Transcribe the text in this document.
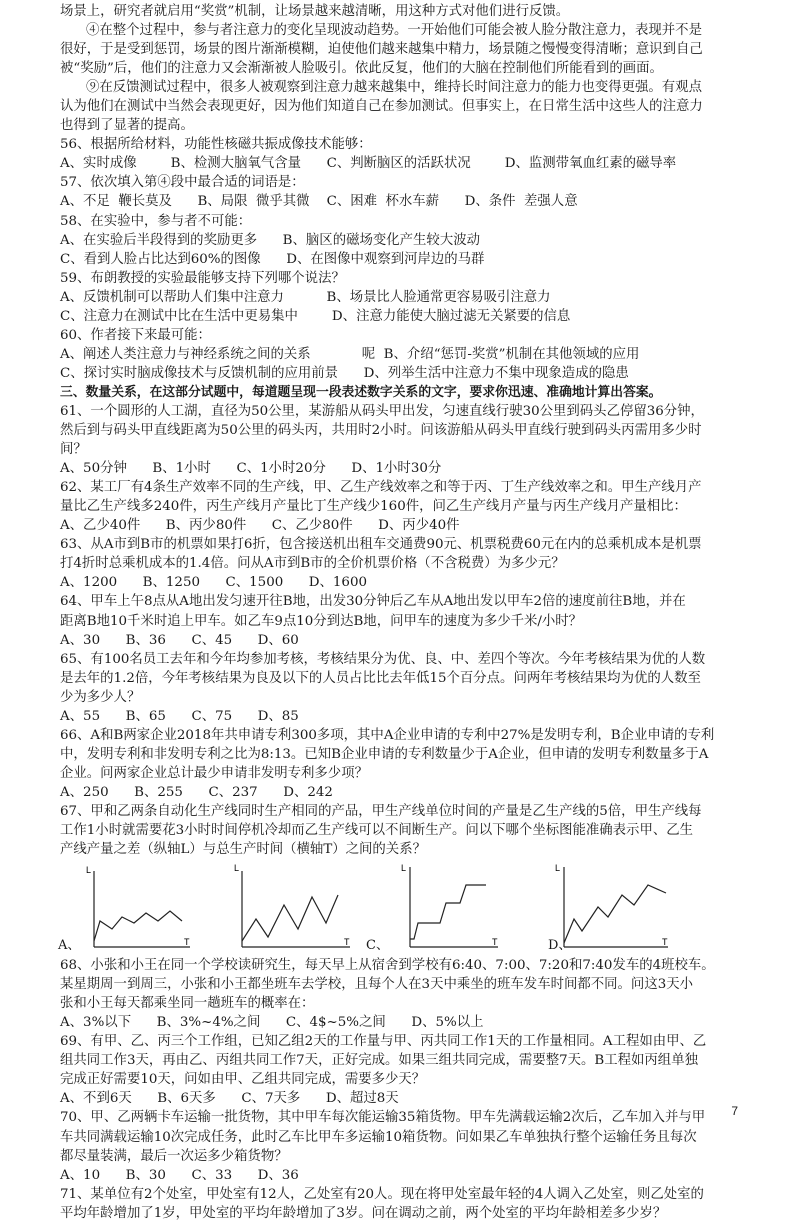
场景上，研究者就启用“奖赏”机制，让场景越来越清晰，用这种方式对他们进行反馈。
④在整个过程中，参与者注意力的变化呈现波动趋势。一开始他们可能会被人脸分散注意力，表现并不是
很好，于是受到惩罚，场景的图片渐渐模糊，迫使他们越来越集中精力，场景随之慢慢变得清晰；意识到自己
被“奖励”后，他们的注意力又会渐渐被人脸吸引。依此反复，他们的大脑在控制他们所能看到的画面。
⑨在反馈测试过程中，很多人被观察到注意力越来越集中，维持长时间注意力的能力也变得更强。有观点
认为他们在测试中当然会表现更好，因为他们知道自己在参加测试。但事实上，在日常生活中这些人的注意力
也得到了显著的提高。
56、根据所给材料，功能性核磁共振成像技术能够：
A、实时成像        B、检测大脑氧气含量      C、判断脑区的活跃状况        D、监测带氧血红素的磁导率
57、依次填入第④段中最合适的词语是：
A、不足  鞭长莫及      B、局限  微乎其微    C、困难  杯水车薪      D、条件  差强人意
58、在实验中，参与者不可能：
A、在实验后半段得到的奖励更多      B、脑区的磁场变化产生较大波动
C、看到人脸占比达到60%的图像      D、在图像中观察到河岸边的马群
59、布朗教授的实验最能够支持下列哪个说法？
A、反馈机制可以帮助人们集中注意力          B、场景比人脸通常更容易吸引注意力
C、注意力在测试中比在生活中更易集中        D、注意力能使大脑过滤无关紧要的信息
60、作者接下来最可能：
A、阐述人类注意力与神经系统之间的关系            呢  B、介绍“惩罚-奖赏”机制在其他领域的应用
C、探讨实时脑成像技术与反馈机制的应用前景      D、列举生活中注意力不集中现象造成的隐患
三、数量关系，在这部分试题中，每道题呈现一段表述数字关系的文字，要求你迅速、准确地计算出答案。
61、一个圆形的人工湖，直径为50公里，某游船从码头甲出发，匀速直线行驶30公里到码头乙停留36分钟，
然后到与码头甲直线距离为50公里的码头丙，共用时2小时。问该游船从码头甲直线行驶到码头丙需用多少时
间？
A、50分钟      B、1小时      C、1小时20分      D、1小时30分
62、某工厂有4条生产效率不同的生产线，甲、乙生产线效率之和等于丙、丁生产线效率之和。甲生产线月产
量比乙生产线多240件，丙生产线月产量比丁生产线少160件，问乙生产线月产量与丙生产线月产量相比：
A、乙少40件      B、丙少80件      C、乙少80件      D、丙少40件
63、从A市到B市的机票如果打6折，包含接送机出租车交通费90元、机票税费60元在内的总乘机成本是机票
打4折时总乘机成本的1.4倍。问从A市到B市的全价机票价格（不含税费）为多少元？
A、1200      B、1250      C、1500      D、1600
64、甲车上午8点从A地出发匀速开往B地，出发30分钟后乙车从A地出发以甲车2倍的速度前往B地，并在
距离B地10千米时追上甲车。如乙车9点10分到达B地，问甲车的速度为多少千米/小时？
A、30      B、36      C、45      D、60
65、有100名员工去年和今年均参加考核，考核结果分为优、良、中、差四个等次。今年考核结果为优的人数
是去年的1.2倍，今年考核结果为良及以下的人员占比比去年低15个百分点。问两年考核结果均为优的人数至
少为多少人？
A、55      B、65      C、75      D、85
66、A和B两家企业2018年共申请专利300多项，其中A企业申请的专利中27%是发明专利，B企业申请的专利
中，发明专利和非发明专利之比为8:13。已知B企业申请的专利数量少于A企业，但申请的发明专利数量多于A
企业。问两家企业总计最少申请非发明专利多少项？
A、250      B、255      C、237      D、242
67、甲和乙两条自动化生产线同时生产相同的产品，甲生产线单位时间的产量是乙生产线的5倍，甲生产线每
工作1小时就需要花3小时时间停机冷却而乙生产线可以不间断生产。问以下哪个坐标图能准确表示甲、乙生
产线产量之差（纵轴L）与总生产时间（横轴T）之间的关系？
L
T
A、
L
T
L
T
C、
L
T
D、
68、小张和小王在同一个学校读研究生，每天早上从宿舍到学校有6:40、7:00、7:20和7:40发车的4班校车。
某星期周一到周三，小张和小王都坐班车去学校，且每个人在3天中乘坐的班车发车时间都不同。问这3天小
张和小王每天都乘坐同一趟班车的概率在：
A、3%以下      B、3%~4%之间      C、4$~5%之间      D、5%以上
69、有甲、乙、丙三个工作组，已知乙组2天的工作量与甲、丙共同工作1天的工作量相同。A工程如由甲、乙
组共同工作3天，再由乙、丙组共同工作7天，正好完成。如果三组共同完成，需要整7天。B工程如丙组单独
完成正好需要10天，问如由甲、乙组共同完成，需要多少天？
A、不到6天      B、6天多      C、7天多      D、超过8天
70、甲、乙两辆卡车运输一批货物，其中甲车每次能运输35箱货物。甲车先满载运输2次后，乙车加入并与甲
车共同满载运输10次完成任务，此时乙车比甲车多运输10箱货物。问如果乙车单独执行整个运输任务且每次
都尽量装满，最后一次运多少箱货物？
A、10      B、30      C、33      D、36
71、某单位有2个处室，甲处室有12人，乙处室有20人。现在将甲处室最年轻的4人调入乙处室，则乙处室的
平均年龄增加了1岁，甲处室的平均年龄增加了3岁。问在调动之前，两个处室的平均年龄相差多少岁？
7
